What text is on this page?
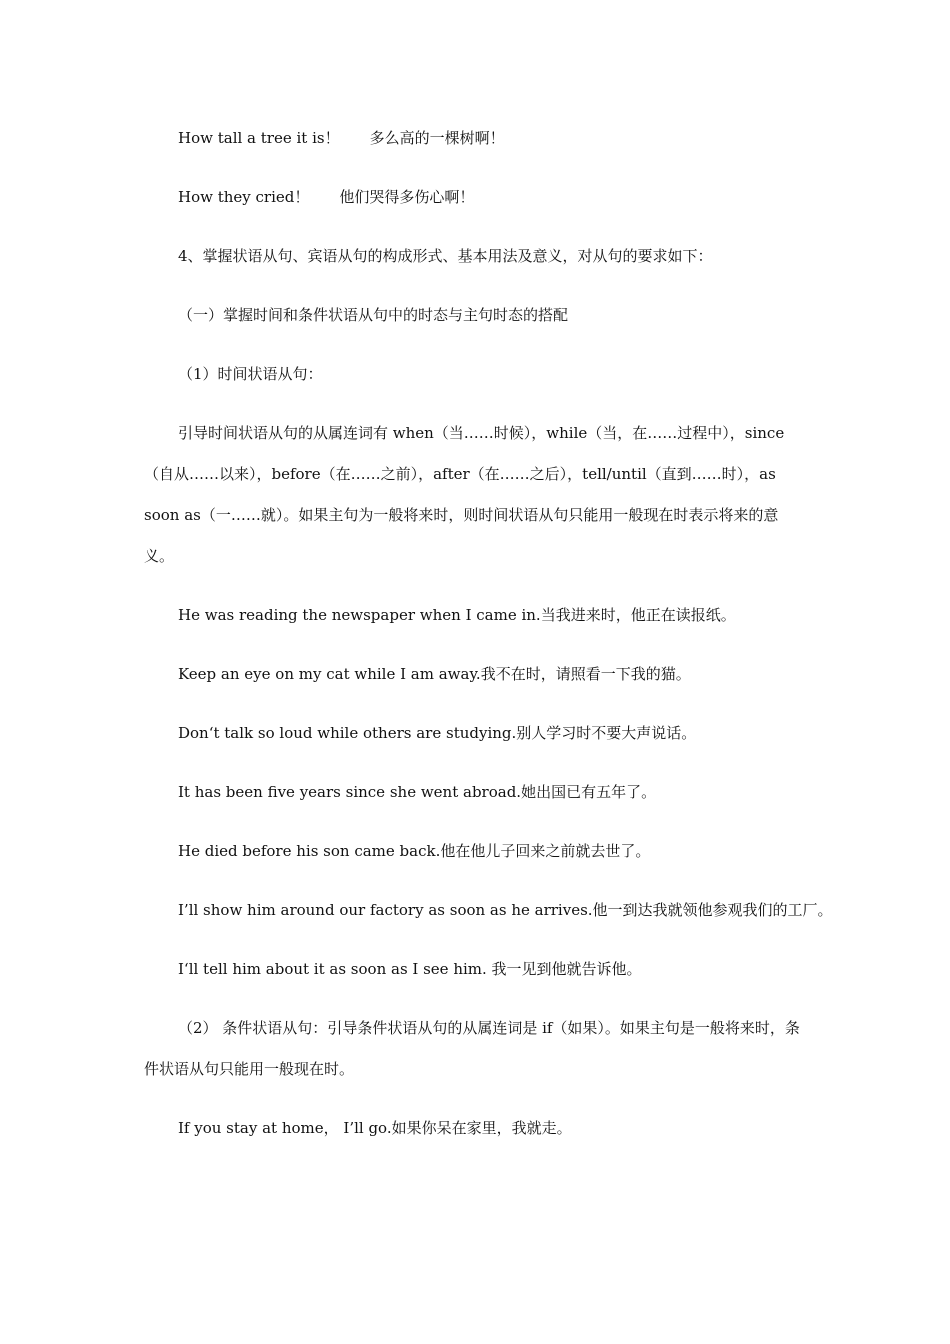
How tall a tree it is！　　多么高的一棵树啊！

How they cried！　　他们哭得多伤心啊！

4、掌握状语从句、宾语从句的构成形式、基本用法及意义，对从句的要求如下：

（一）掌握时间和条件状语从句中的时态与主句时态的搭配

（1）时间状语从句：

引导时间状语从句的从属连词有 when（当……时候），while（当，在……过程中），since（自从……以来），before（在……之前），after（在……之后），tell/until（直到……时），as soon as（一……就）。如果主句为一般将来时，则时间状语从句只能用一般现在时表示将来的意义。

He was reading the newspaper when I came in.当我进来时，他正在读报纸。

Keep an eye on my cat while I am away.我不在时，请照看一下我的猫。

Don‘t talk so loud while others are studying.别人学习时不要大声说话。

It has been five years since she went abroad.她出国已有五年了。

He died before his son came back.他在他儿子回来之前就去世了。

I’ll show him around our factory as soon as he arrives.他一到达我就领他参观我们的工厂。

I‘ll tell him about it as soon as I see him. 我一见到他就告诉他。

（2） 条件状语从句：引导条件状语从句的从属连词是 if（如果）。如果主句是一般将来时，条件状语从句只能用一般现在时。

If you stay at home， I’ll go.如果你呆在家里，我就走。
